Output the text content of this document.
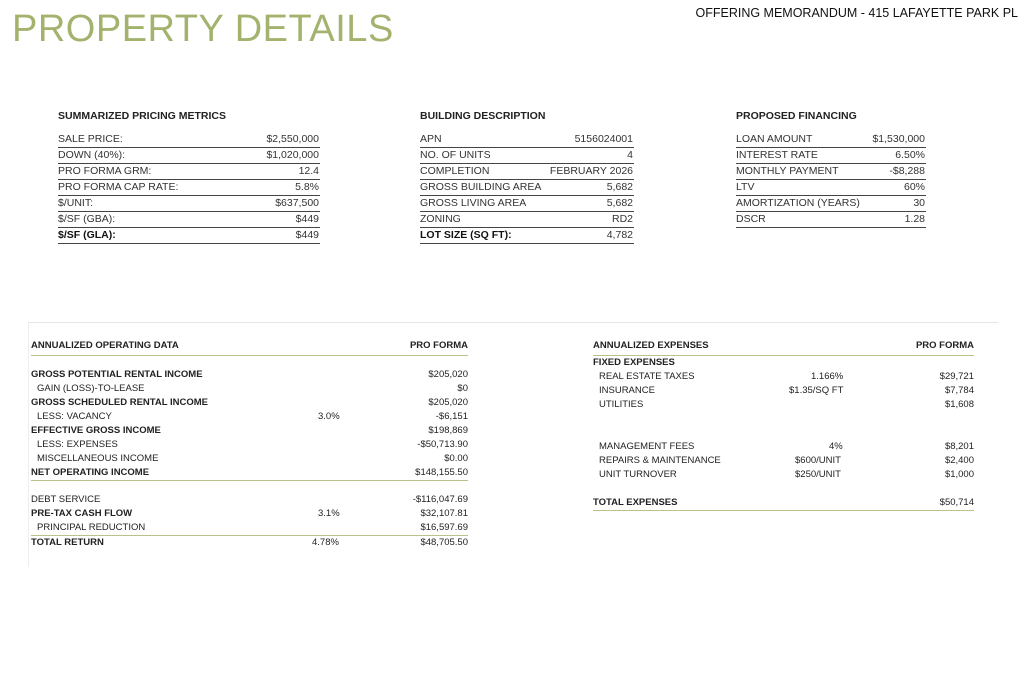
PROPERTY DETAILS	OFFERING MEMORANDUM - 415 LAFAYETTE PARK PL
SUMMARIZED PRICING METRICS
SALE PRICE:	$2,550,000
DOWN (40%):	$1,020,000
PRO FORMA GRM:	12.4
PRO FORMA CAP RATE:	5.8%
$/UNIT:	$637,500
$/SF (GBA):	$449
$/SF (GLA):	$449
BUILDING DESCRIPTION
APN	5156024001
NO. OF UNITS	4
COMPLETION	FEBRUARY 2026
GROSS BUILDING AREA	5,682
GROSS LIVING AREA	5,682
ZONING	RD2
LOT SIZE (SQ FT):	4,782
PROPOSED FINANCING
LOAN AMOUNT	$1,530,000
INTEREST RATE	6.50%
MONTHLY PAYMENT	-$8,288
LTV	60%
AMORTIZATION (YEARS)	30
DSCR	1.28
ANNUALIZED OPERATING DATA	PRO FORMA
GROSS POTENTIAL RENTAL INCOME	$205,020
GAIN (LOSS)-TO-LEASE	$0
GROSS SCHEDULED RENTAL INCOME	$205,020
LESS: VACANCY	3.0%	-$6,151
EFFECTIVE GROSS INCOME	$198,869
LESS: EXPENSES	-$50,713.90
MISCELLANEOUS INCOME	$0.00
NET OPERATING INCOME	$148,155.50
DEBT SERVICE	-$116,047.69
PRE-TAX CASH FLOW	3.1%	$32,107.81
PRINCIPAL REDUCTION	$16,597.69
TOTAL RETURN	4.78%	$48,705.50
ANNUALIZED EXPENSES	PRO FORMA
FIXED EXPENSES
REAL ESTATE TAXES	1.166%	$29,721
INSURANCE	$1.35/SQ FT	$7,784
UTILITIES	$1,608
MANAGEMENT FEES	4%	$8,201
REPAIRS & MAINTENANCE	$600/UNIT	$2,400
UNIT TURNOVER	$250/UNIT	$1,000
TOTAL EXPENSES	$50,714
